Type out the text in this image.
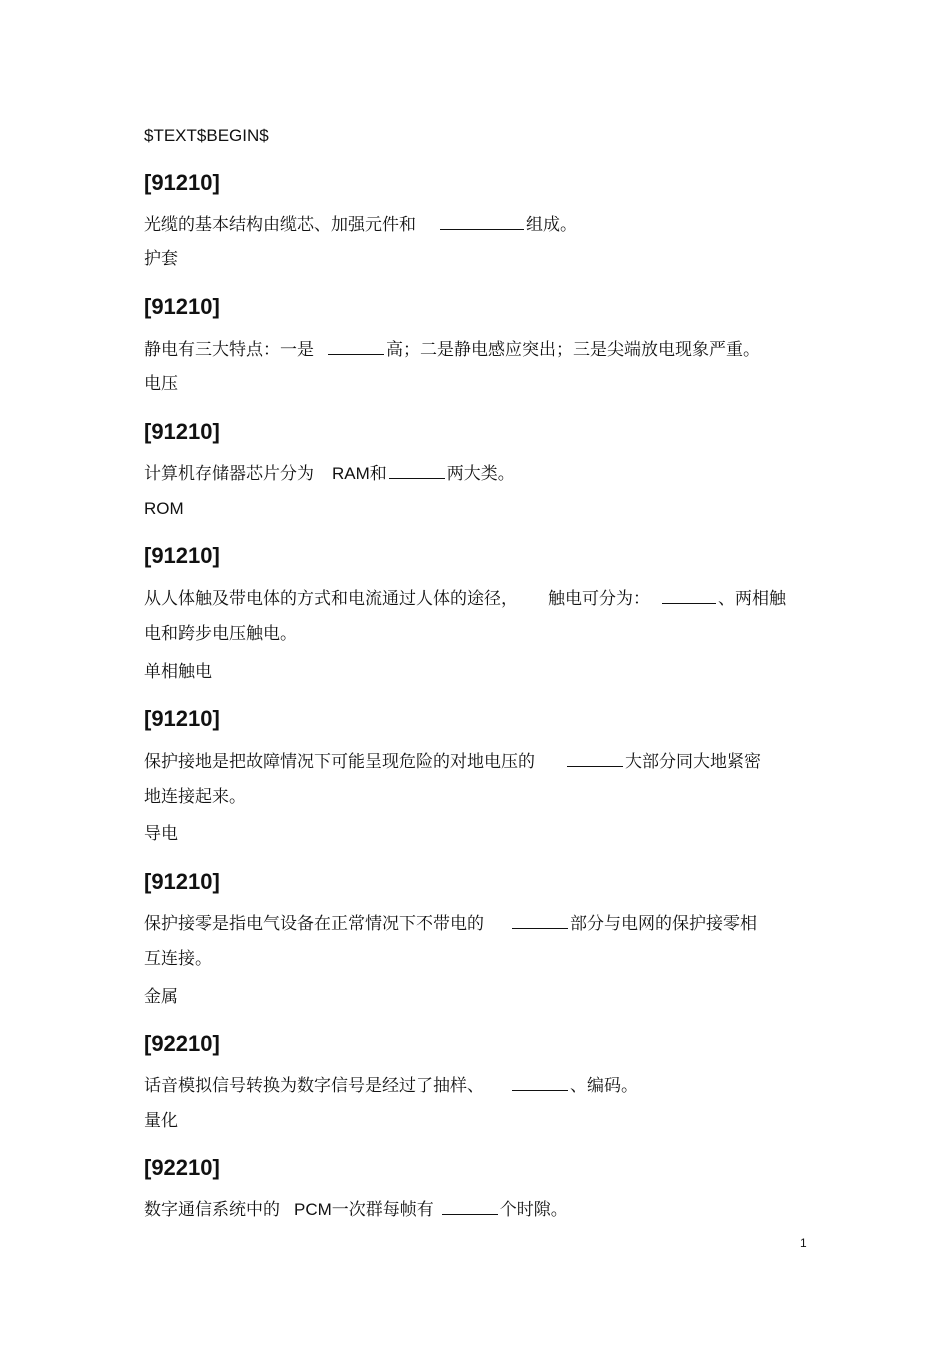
$TEXT$BEGIN$
[91210]
光缆的基本结构由缆芯、加强元件和	组成。
护套
[91210]
静电有三大特点：一是	高；二是静电感应突出；三是尖端放电现象严重。
电压
[91210]
计算机存储器芯片分为 RAM和	两大类。
ROM
[91210]
从人体触及带电体的方式和电流通过人体的途径， 触电可分为：	、两相触
电和跨步电压触电。
单相触电
[91210]
保护接地是把故障情况下可能呈现危险的对地电压的	大部分同大地紧密
地连接起来。
导电
[91210]
保护接零是指电气设备在正常情况下不带电的	部分与电网的保护接零相
互连接。
金属
[92210]
话音模拟信号转换为数字信号是经过了抽样、	、编码。
量化
[92210]
数字通信系统中的 PCM一次群每帧有	个时隙。
1
